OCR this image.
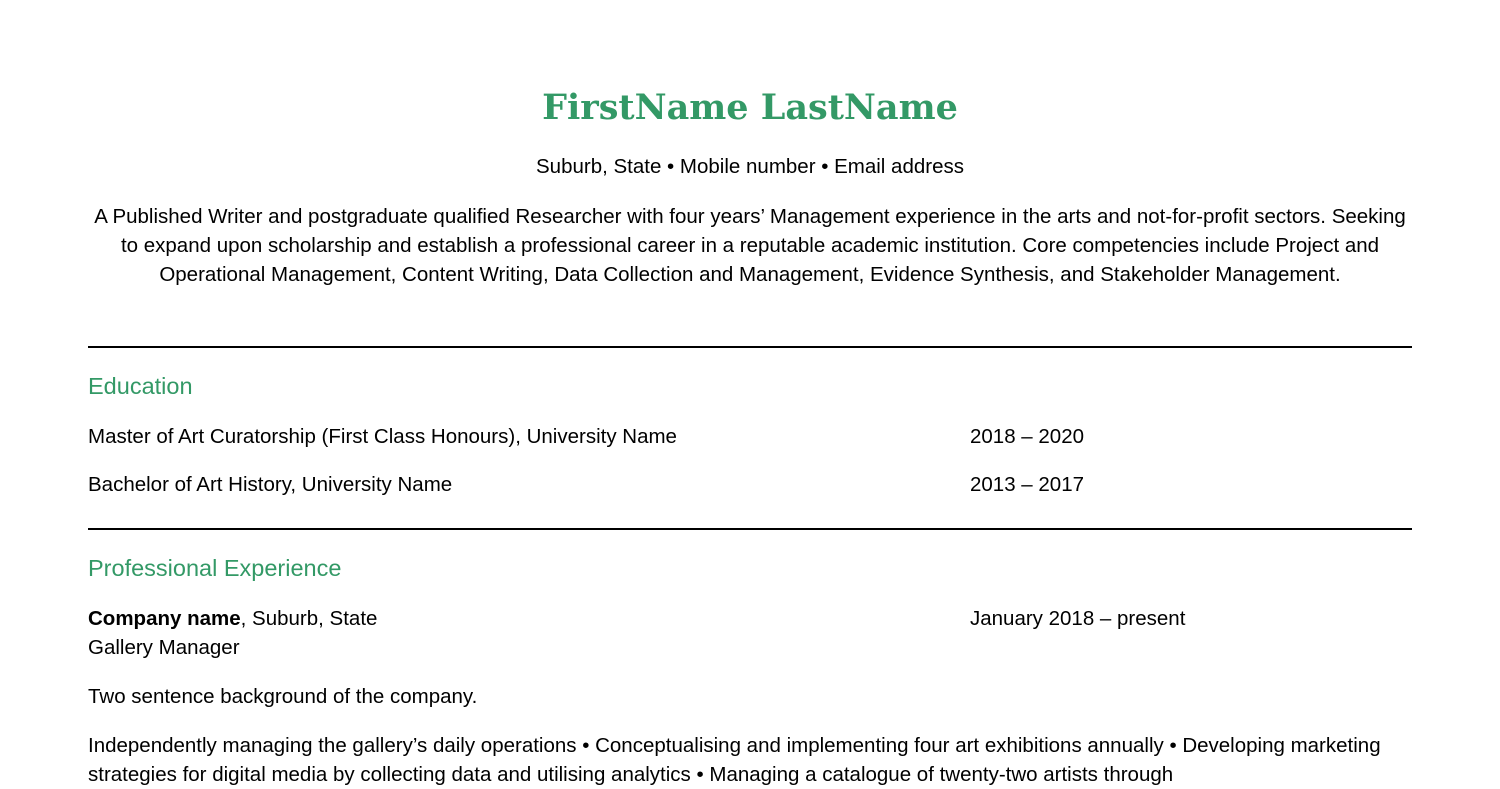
FirstName LastName
Suburb, State • Mobile number • Email address
A Published Writer and postgraduate qualified Researcher with four years’ Management experience in the arts and not-for-profit sectors. Seeking to expand upon scholarship and establish a professional career in a reputable academic institution. Core competencies include Project and Operational Management, Content Writing, Data Collection and Management, Evidence Synthesis, and Stakeholder Management.
Education
Master of Art Curatorship (First Class Honours), University Name	2018 – 2020
Bachelor of Art History, University Name	2013 – 2017
Professional Experience
Company name, Suburb, State	January 2018 – present
Gallery Manager
Two sentence background of the company.
Independently managing the gallery’s daily operations • Conceptualising and implementing four art exhibitions annually • Developing marketing strategies for digital media by collecting data and utilising analytics • Managing a catalogue of twenty-two artists through
